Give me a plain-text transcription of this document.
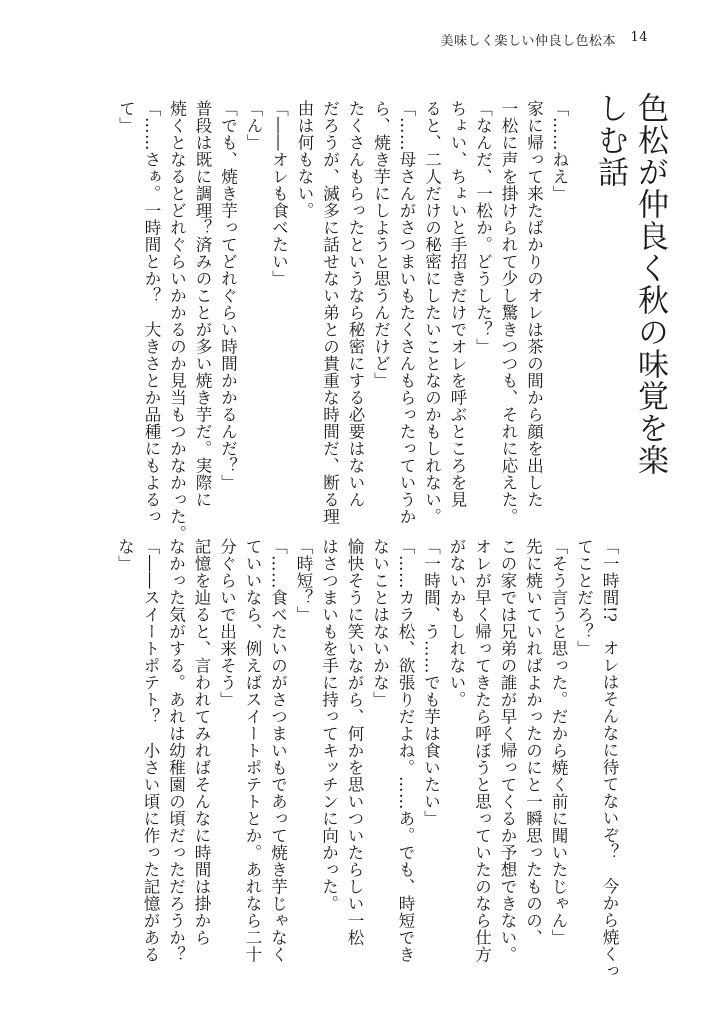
美味しく楽しい仲良し色松本 14
色松が仲良く秋の味覚を楽しむ話
「……ねえ」
家に帰って来たばかりのオレは茶の間から顔を出した
一松に声を掛けられて少し驚きつつも、それに応えた。
「なんだ、一松か。どうした？」
ちょい、ちょいと手招きだけでオレを呼ぶところを見
ると、二人だけの秘密にしたいことなのかもしれない。
「……母さんがさつまいもたくさんもらったっていうか
ら、焼き芋にしようと思うんだけど」
たくさんもらったというなら秘密にする必要はないん
だろうが、滅多に話せない弟との貴重な時間だ、断る理
由は何もない。
「――オレも食べたい」
「ん」
「でも、焼き芋ってどれぐらい時間かかるんだ？」
普段は既に調理？済みのことが多い焼き芋だ。実際に
焼くとなるとどれぐらいかかるのか見当もつかなかった。
「……さぁ。一時間とか？　大きさとか品種にもよるっ
て」
「一時間!?　オレはそんなに待てないぞ？　今から焼くっ
てことだろ？」
「そう言うと思った。だから焼く前に聞いたじゃん」
先に焼いていればよかったのにと一瞬思ったものの、
この家では兄弟の誰が早く帰ってくるか予想できない。
オレが早く帰ってきたら呼ぼうと思っていたのなら仕方
がないかもしれない。
「一時間、う……でも芋は食いたい」
「……カラ松、欲張りだよね。……あ。でも、時短でき
ないことはないかな」
愉快そうに笑いながら、何かを思いついたらしい一松
はさつまいもを手に持ってキッチンに向かった。
「時短？」
「……食べたいのがさつまいもであって焼き芋じゃなく
ていいなら、例えばスイートポテトとか。あれなら二十
分ぐらいで出来そう」
記憶を辿ると、言われてみればそんなに時間は掛から
なかった気がする。あれは幼稚園の頃だっただろうか？
「――スイートポテト？　小さい頃に作った記憶がある
な」
